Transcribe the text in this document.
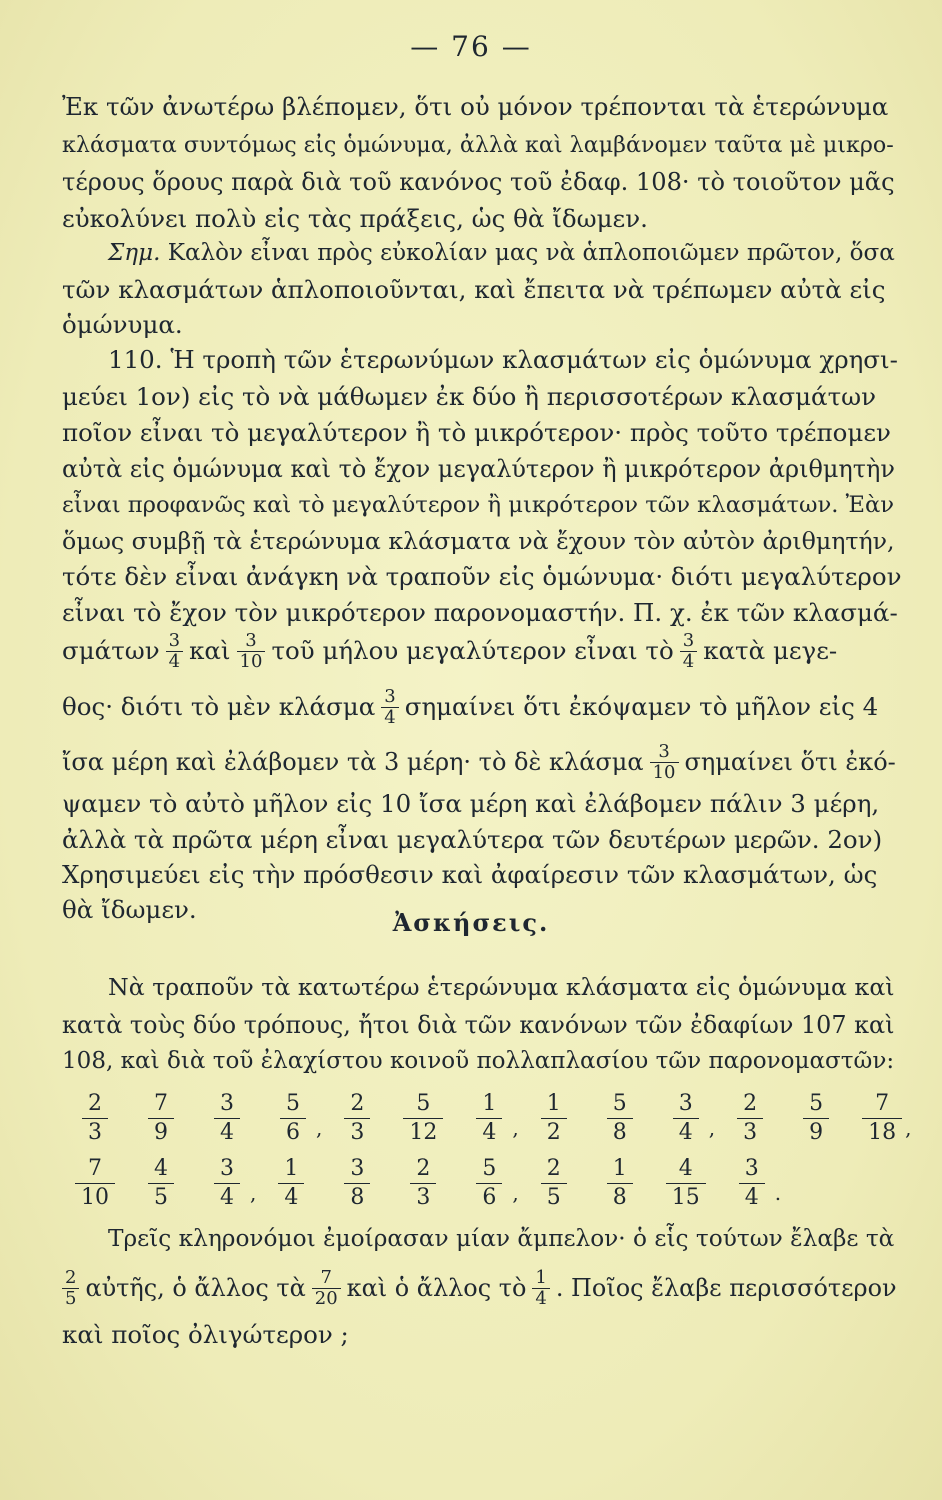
— 76 —
Ἐκ τῶν ἀνωτέρω βλέπομεν, ὅτι οὐ μόνον τρέπονται τὰ ἑτερώνυμα
κλάσματα συντόμως εἰς ὁμώνυμα, ἀλλὰ καὶ λαμβάνομεν ταῦτα μὲ μικρο-
τέρους ὅρους παρὰ διὰ τοῦ κανόνος τοῦ ἐδαφ. 108· τὸ τοιοῦτον μᾶς
εὐκολύνει πολὺ εἰς τὰς πράξεις, ὡς θὰ ἴδωμεν.
Σημ.
Καλὸν εἶναι πρὸς εὐκολίαν μας νὰ ἁπλοποιῶμεν πρῶτον, ὅσα
τῶν κλασμάτων ἁπλοποιοῦνται, καὶ ἔπειτα νὰ τρέπωμεν αὐτὰ εἰς
ὁμώνυμα.
110. Ἡ τροπὴ τῶν ἑτερωνύμων κλασμάτων εἰς ὁμώνυμα χρησι-
μεύει 1ον) εἰς τὸ νὰ μάθωμεν ἐκ δύο ἢ περισσοτέρων κλασμάτων
ποῖον εἶναι τὸ μεγαλύτερον ἢ τὸ μικρότερον· πρὸς τοῦτο τρέπομεν
αὐτὰ εἰς ὁμώνυμα καὶ τὸ ἔχον μεγαλύτερον ἢ μικρότερον ἀριθμητὴν
εἶναι προφανῶς καὶ τὸ μεγαλύτερον ἢ μικρότερον τῶν κλασμάτων. Ἐὰν
ὅμως συμβῇ τὰ ἑτερώνυμα κλάσματα νὰ ἔχουν τὸν αὐτὸν ἀριθμητήν,
τότε δὲν εἶναι ἀνάγκη νὰ τραποῦν εἰς ὁμώνυμα· διότι μεγαλύτερον
εἶναι τὸ ἔχον τὸν μικρότερον παρονομαστήν. Π. χ. ἐκ τῶν κλασμά-
σμάτων $\frac{3}{4}$ καὶ $\frac{3}{10}$ τοῦ μήλου μεγαλύτερον εἶναι τὸ $\frac{3}{4}$ κατὰ μεγε-
θος· διότι τὸ μὲν κλάσμα $\frac{3}{4}$ σημαίνει ὅτι ἐκόψαμεν τὸ μῆλον εἰς 4
ἴσα μέρη καὶ ἐλάβομεν τὰ 3 μέρη· τὸ δὲ κλάσμα $\frac{3}{10}$ σημαίνει ὅτι ἐκό-
ψαμεν τὸ αὐτὸ μῆλον εἰς 10 ἴσα μέρη καὶ ἐλάβομεν πάλιν 3 μέρη,
ἀλλὰ τὰ πρῶτα μέρη εἶναι μεγαλύτερα τῶν δευτέρων μερῶν. 2ον)
Χρησιμεύει εἰς τὴν πρόσθεσιν καὶ ἀφαίρεσιν τῶν κλασμάτων, ὡς
θὰ ἴδωμεν.	Ἀσκήσεις.
Νὰ τραποῦν τὰ κατωτέρω ἑτερώνυμα κλάσματα εἰς ὁμώνυμα καὶ
κατὰ τοὺς δύο τρόπους, ἤτοι διὰ τῶν κανόνων τῶν ἐδαφίων 107 καὶ
108, καὶ διὰ τοῦ ἐλαχίστου κοινοῦ πολλαπλασίου τῶν παρονομαστῶν:
$\frac{2}{3} \frac{7}{9} \frac{3}{4} \frac{5}{6}$
, $\frac{2}{3} \frac{5}{12} \frac{1}{4}$
, $\frac{1}{2} \frac{5}{8} \frac{3}{4}$
, $\frac{2}{3} \frac{5}{9} \frac{7}{18}$
,
$\frac{7}{10} \frac{4}{5} \frac{3}{4}$
, $\frac{1}{4} \frac{3}{8} \frac{2}{3} \frac{5}{6}$
, $\frac{2}{5} \frac{1}{8} \frac{4}{15} \frac{3}{4}$
.
Τρεῖς κληρονόμοι ἐμοίρασαν μίαν ἄμπελον· ὁ εἷς τούτων ἔλαβε τὰ
$\frac{2}{5}$ αὐτῆς, ὁ ἄλλος τὰ $\frac{7}{20}$ καὶ ὁ ἄλλος τὸ $\frac{1}{4}$ . Ποῖος ἔλαβε περισσότερον
καὶ ποῖος ὀλιγώτερον ;
